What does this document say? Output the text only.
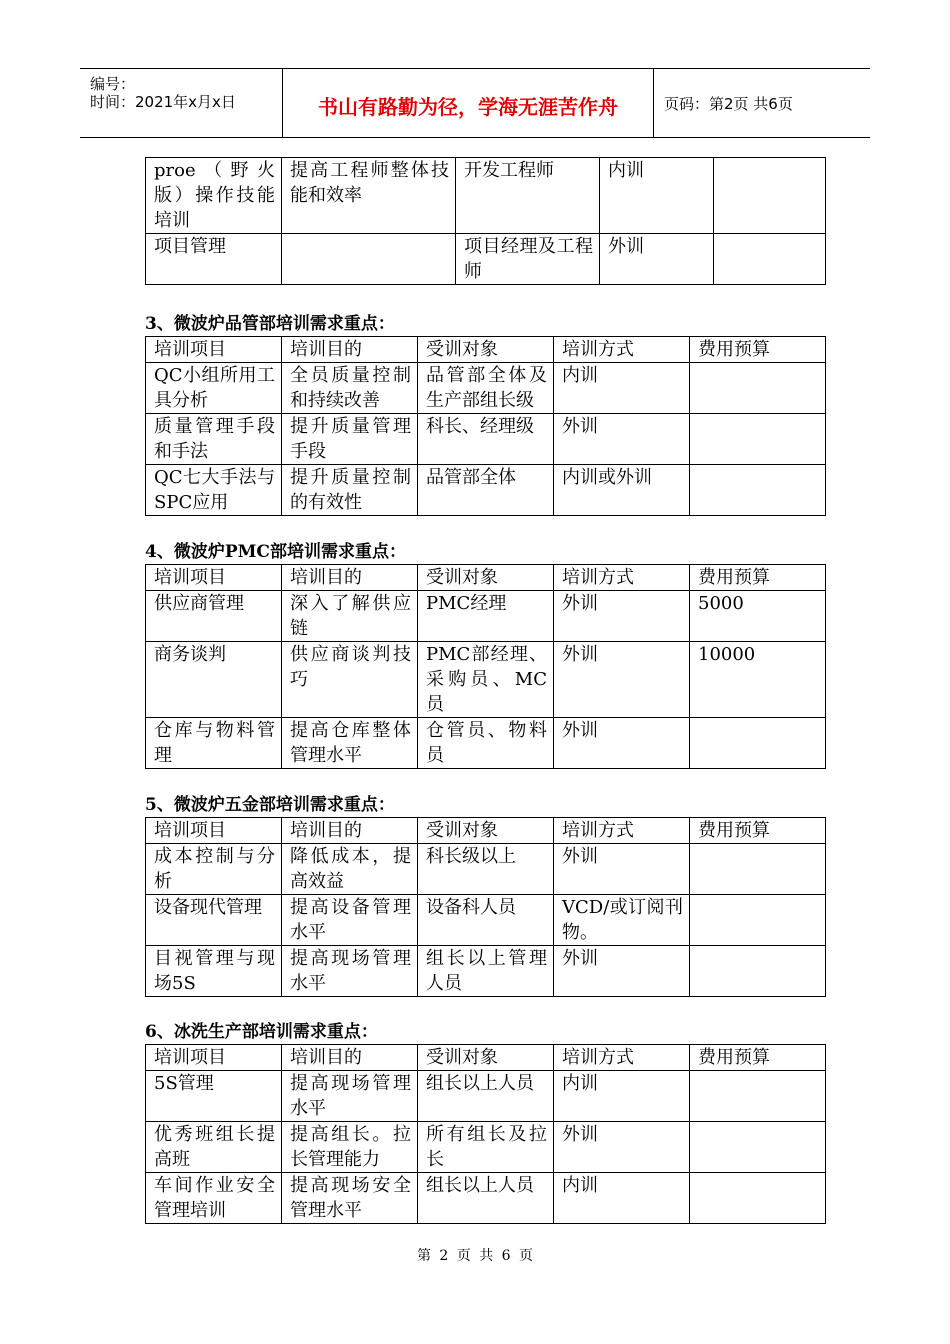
编号：
时间：2021年x月x日	书山有路勤为径，学海无涯苦作舟	页码：第2页 共6页
proe（野火版）操作技能培训	提高工程师整体技能和效率	开发工程师	内训	
项目管理		项目经理及工程师	外训	
3、微波炉品管部培训需求重点：
培训项目	培训目的	受训对象	培训方式	费用预算
QC小组所用工具分析	全员质量控制和持续改善	品管部全体及生产部组长级	内训	
质量管理手段和手法	提升质量管理手段	科长、经理级	外训	
QC七大手法与SPC应用	提升质量控制的有效性	品管部全体	内训或外训	
4、微波炉PMC部培训需求重点：
培训项目	培训目的	受训对象	培训方式	费用预算
供应商管理	深入了解供应链	PMC经理	外训	5000
商务谈判	供应商谈判技巧	PMC部经理、采购员、MC员	外训	10000
仓库与物料管理	提高仓库整体管理水平	仓管员、物料员	外训	
5、微波炉五金部培训需求重点：
培训项目	培训目的	受训对象	培训方式	费用预算
成本控制与分析	降低成本，提高效益	科长级以上	外训	
设备现代管理	提高设备管理水平	设备科人员	VCD/或订阅刊物。	
目视管理与现场5S	提高现场管理水平	组长以上管理人员	外训	
6、冰洗生产部培训需求重点：
培训项目	培训目的	受训对象	培训方式	费用预算
5S管理	提高现场管理水平	组长以上人员	内训	
优秀班组长提高班	提高组长。拉长管理能力	所有组长及拉长	外训	
车间作业安全管理培训	提高现场安全管理水平	组长以上人员	内训	
第 2 页 共 6 页
